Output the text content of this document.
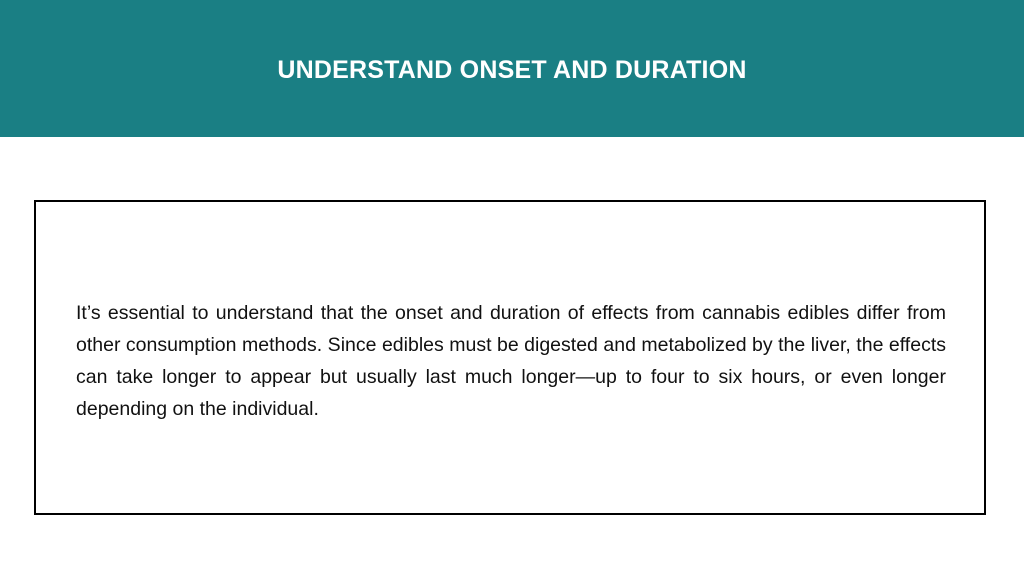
UNDERSTAND ONSET AND DURATION

It’s essential to understand that the onset and duration of effects from cannabis edibles differ from other consumption methods. Since edibles must be digested and metabolized by the liver, the effects can take longer to appear but usually last much longer—up to four to six hours, or even longer depending on the individual.
